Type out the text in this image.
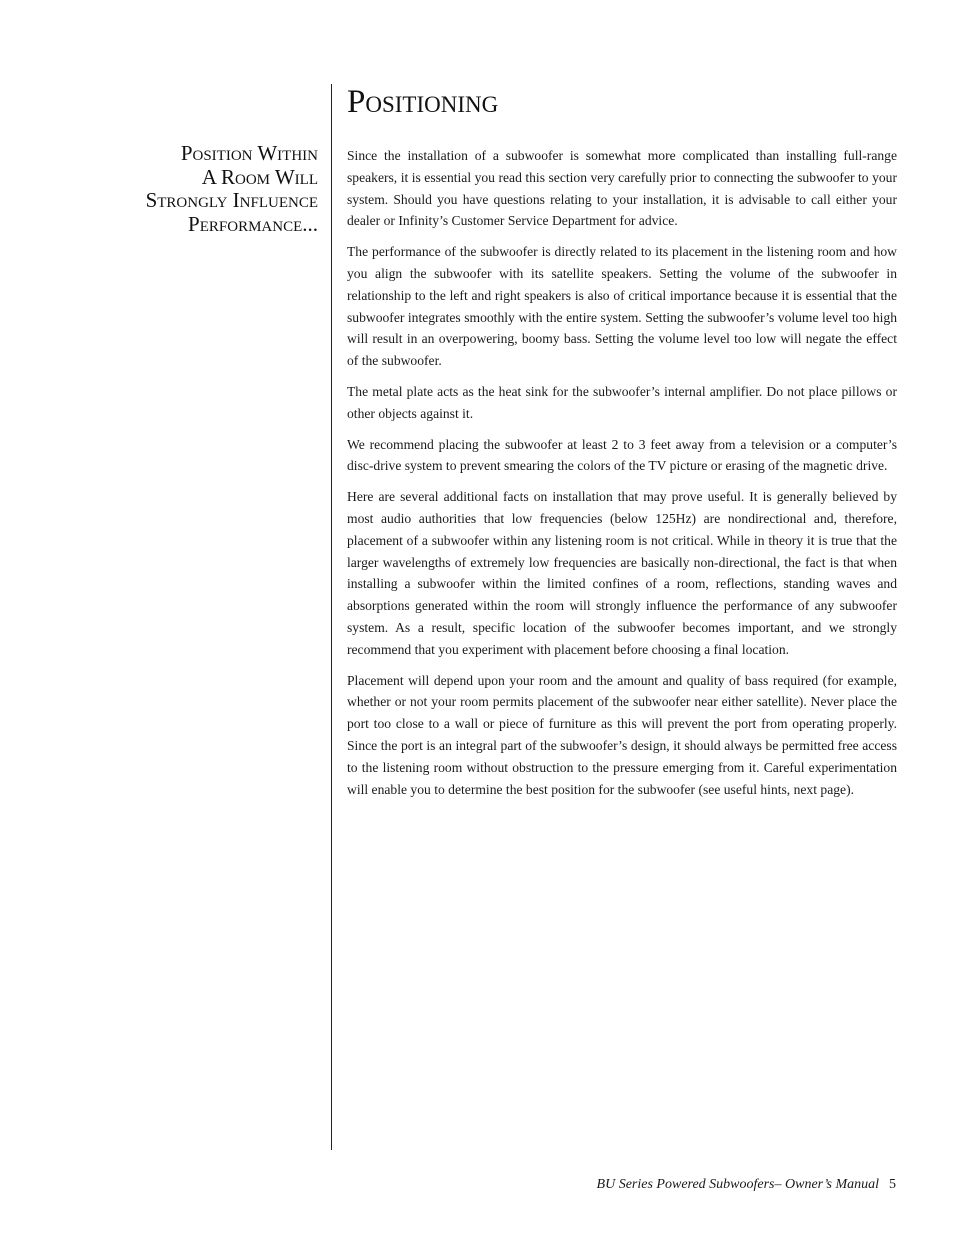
Position Within
A Room Will
Strongly Influence
Performance...
Positioning

Since the installation of a subwoofer is somewhat more complicated than installing full-range speakers, it is essential you read this section very carefully prior to connecting the subwoofer to your system. Should you have questions relating to your installation, it is advisable to call either your dealer or Infinity’s Customer Service Department for advice.

The performance of the subwoofer is directly related to its placement in the listening room and how you align the subwoofer with its satellite speakers. Setting the volume of the subwoofer in relationship to the left and right speakers is also of critical importance because it is essential that the subwoofer integrates smoothly with the entire system. Setting the subwoofer’s volume level too high will result in an overpowering, boomy bass. Setting the volume level too low will negate the effect of the subwoofer.

The metal plate acts as the heat sink for the subwoofer’s internal amplifier. Do not place pillows or other objects against it.

We recommend placing the subwoofer at least 2 to 3 feet away from a television or a computer’s disc-drive system to prevent smearing the colors of the TV picture or erasing of the magnetic drive.

Here are several additional facts on installation that may prove useful. It is generally believed by most audio authorities that low frequencies (below 125Hz) are nondirectional and, therefore, placement of a subwoofer within any listening room is not critical. While in theory it is true that the larger wavelengths of extremely low frequencies are basically non-directional, the fact is that when installing a subwoofer within the limited confines of a room, reflections, standing waves and absorptions generated within the room will strongly influence the performance of any subwoofer system. As a result, specific location of the subwoofer becomes important, and we strongly recommend that you experiment with placement before choosing a final location.

Placement will depend upon your room and the amount and quality of bass required (for example, whether or not your room permits placement of the subwoofer near either satellite). Never place the port too close to a wall or piece of furniture as this will prevent the port from operating properly. Since the port is an integral part of the subwoofer’s design, it should always be permitted free access to the listening room without obstruction to the pressure emerging from it. Careful experimentation will enable you to determine the best position for the subwoofer (see useful hints, next page).

BU Series Powered Subwoofers– Owner’s Manual 5
